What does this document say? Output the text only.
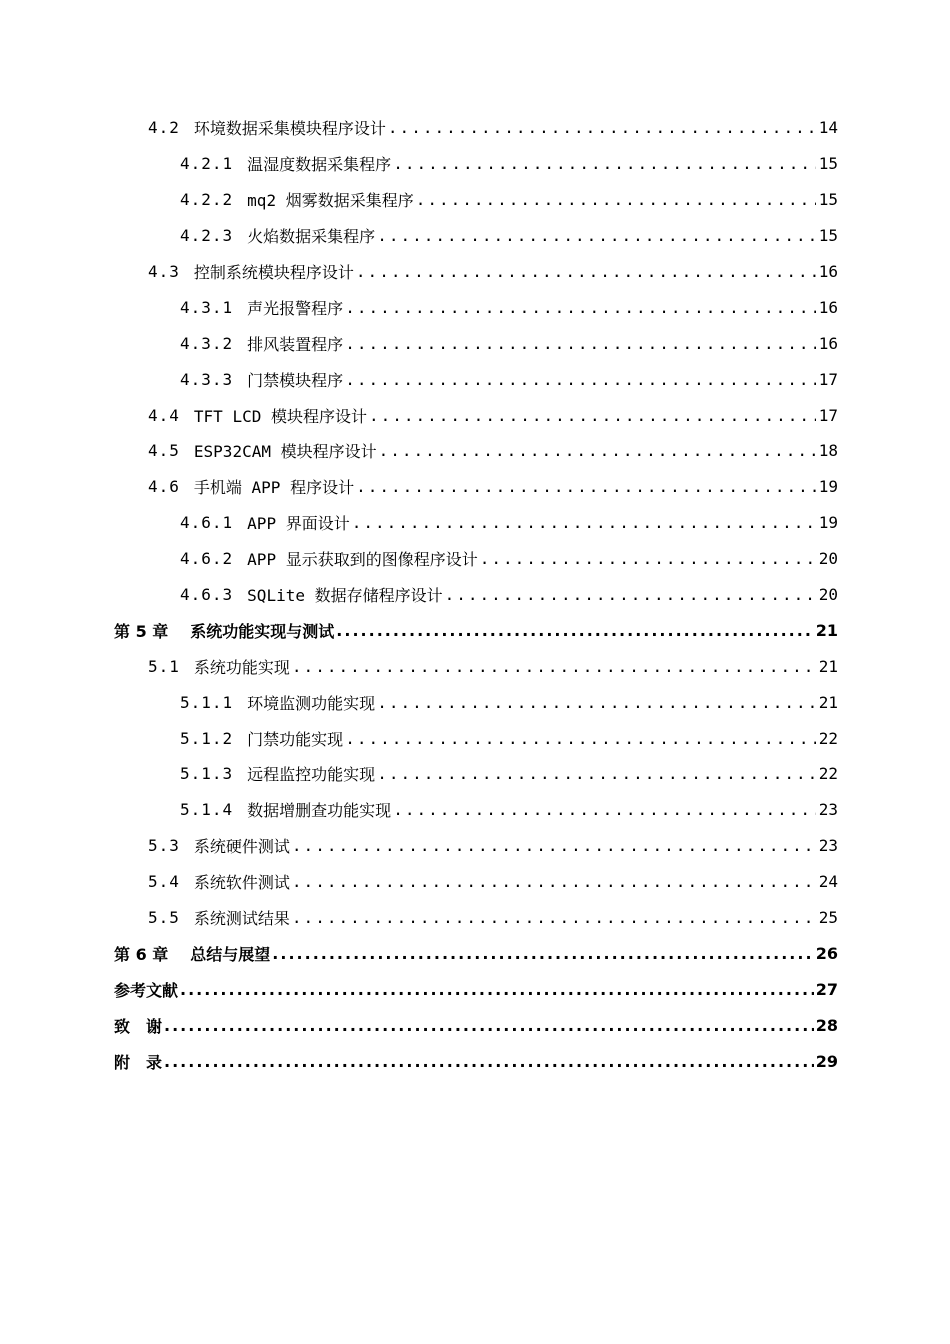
4.2 环境数据采集模块程序设计 .....	14
4.2.1 温湿度数据采集程序 .....	15
4.2.2 mq2 烟雾数据采集程序 .....	15
4.2.3 火焰数据采集程序 .....	15
4.3 控制系统模块程序设计 .....	16
4.3.1 声光报警程序 .....	16
4.3.2 排风装置程序 .....	16
4.3.3 门禁模块程序 .....	17
4.4 TFT LCD 模块程序设计 .....	17
4.5 ESP32CAM 模块程序设计 .....	18
4.6 手机端 APP 程序设计 .....	19
4.6.1 APP 界面设计 .....	19
4.6.2 APP 显示获取到的图像程序设计 .....	20
4.6.3 SQLite 数据存储程序设计 .....	20
第 5 章 系统功能实现与测试 .....	21
5.1 系统功能实现 .....	21
5.1.1 环境监测功能实现 .....	21
5.1.2 门禁功能实现 .....	22
5.1.3 远程监控功能实现 .....	22
5.1.4 数据增删查功能实现 .....	23
5.3 系统硬件测试 .....	23
5.4 系统软件测试 .....	24
5.5 系统测试结果 .....	25
第 6 章 总结与展望 .....	26
参考文献 .....	27
致　谢 .....	28
附　录 .....	29
